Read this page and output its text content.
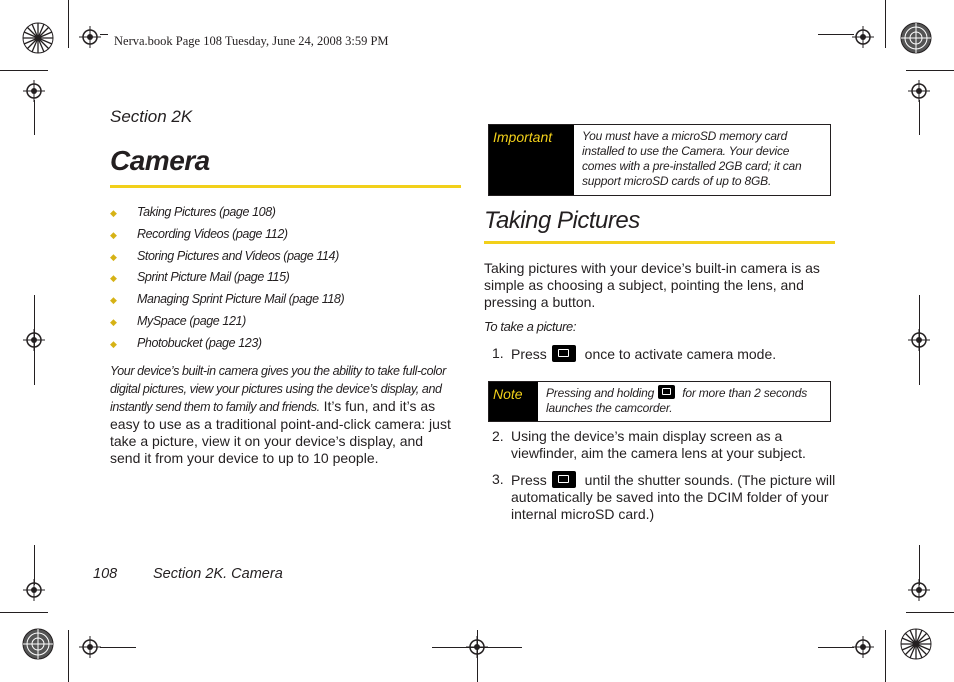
Nerva.book Page 108 Tuesday, June 24, 2008 3:59 PM
Section 2K
Camera
◆	Taking Pictures (page 108)
◆	Recording Videos (page 112)
◆	Storing Pictures and Videos (page 114)
◆	Sprint Picture Mail (page 115)
◆	Managing Sprint Picture Mail (page 118)
◆	MySpace (page 121)
◆	Photobucket (page 123)
Your device’s built-in camera gives you the ability to take full-color digital pictures, view your pictures using the device’s display, and instantly send them to family and friends. It’s fun, and it’s as easy to use as a traditional point-and-click camera: just take a picture, view it on your device’s display, and send it from your device to up to 10 people.
108 Section 2K. Camera
Important	You must have a microSD memory card installed to use the Camera. Your device comes with a pre-installed 2GB card; it can support microSD cards of up to 8GB.
Taking Pictures
Taking pictures with your device’s built-in camera is as simple as choosing a subject, pointing the lens, and pressing a button.
To take a picture:
1. Press once to activate camera mode.
Note	Pressing and holding for more than 2 seconds launches the camcorder.
2. Using the device’s main display screen as a viewfinder, aim the camera lens at your subject.
3. Press until the shutter sounds. (The picture will automatically be saved into the DCIM folder of your internal microSD card.)
